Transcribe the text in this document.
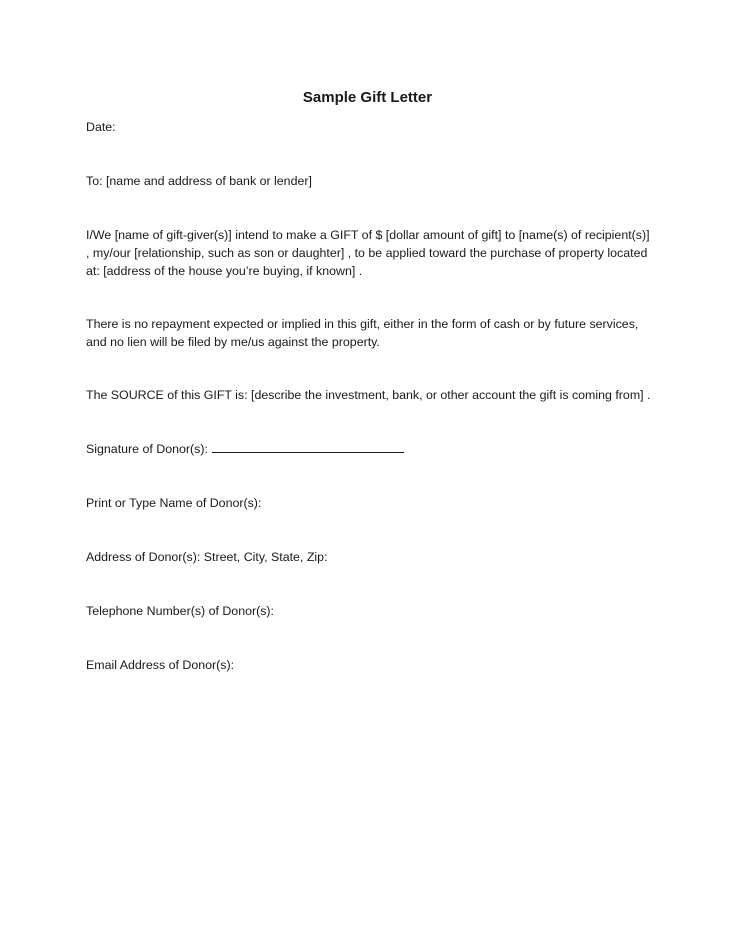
Sample Gift Letter
Date:
To: [name and address of bank or lender]
I/We [name of gift-giver(s)] intend to make a GIFT of $ [dollar amount of gift] to [name(s) of recipient(s)]
, my/our [relationship, such as son or daughter] , to be applied toward the purchase of property located
at: [address of the house you’re buying, if known] .
There is no repayment expected or implied in this gift, either in the form of cash or by future services,
and no lien will be filed by me/us against the property.
The SOURCE of this GIFT is: [describe the investment, bank, or other account the gift is coming from] .
Signature of Donor(s):
Print or Type Name of Donor(s):
Address of Donor(s): Street, City, State, Zip:
Telephone Number(s) of Donor(s):
Email Address of Donor(s):
